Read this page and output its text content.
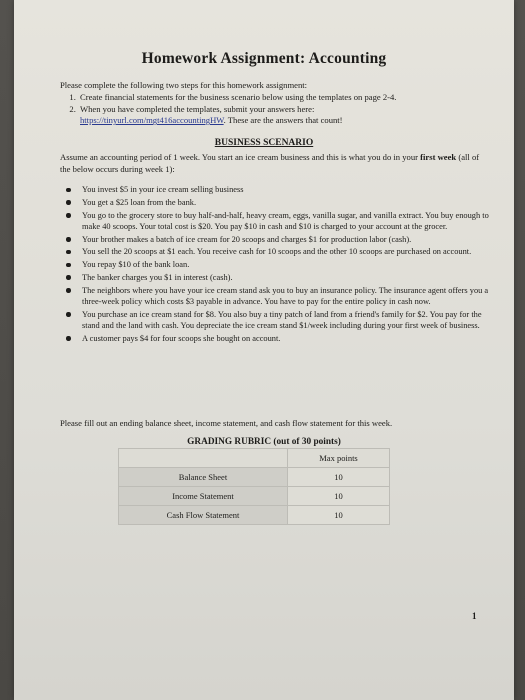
Homework Assignment: Accounting
Please complete the following two steps for this homework assignment:
1. Create financial statements for the business scenario below using the templates on page 2-4.
2. When you have completed the templates, submit your answers here:
https://tinyurl.com/mgt416accountingHW. These are the answers that count!
BUSINESS SCENARIO
Assume an accounting period of 1 week. You start an ice cream business and this is what you do in your first week (all of the below occurs during week 1):
You invest $5 in your ice cream selling business
You get a $25 loan from the bank.
You go to the grocery store to buy half-and-half, heavy cream, eggs, vanilla sugar, and vanilla extract. You buy enough to make 40 scoops. Your total cost is $20. You pay $10 in cash and $10 is charged to your account at the grocer.
Your brother makes a batch of ice cream for 20 scoops and charges $1 for production labor (cash).
You sell the 20 scoops at $1 each. You receive cash for 10 scoops and the other 10 scoops are purchased on account.
You repay $10 of the bank loan.
The banker charges you $1 in interest (cash).
The neighbors where you have your ice cream stand ask you to buy an insurance policy. The insurance agent offers you a three-week policy which costs $3 payable in advance. You have to pay for the entire policy in cash now.
You purchase an ice cream stand for $8. You also buy a tiny patch of land from a friend's family for $2. You pay for the stand and the land with cash. You depreciate the ice cream stand $1/week including during your first week of business.
A customer pays $4 for four scoops she bought on account.
Please fill out an ending balance sheet, income statement, and cash flow statement for this week.
GRADING RUBRIC (out of 30 points)
	Max points
Balance Sheet	10
Income Statement	10
Cash Flow Statement	10
1
